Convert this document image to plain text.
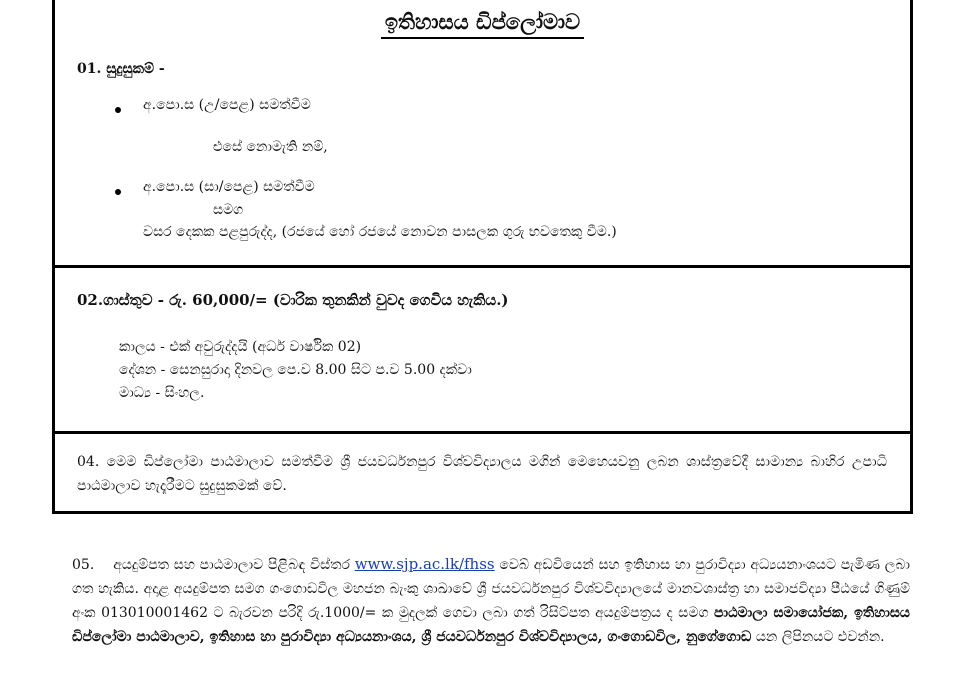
ඉතිහාසය ඩිප්ලෝමාව
01. සුදුසුකම් -
අ.පො.ස (උ/පෙළ) සමත්වීම
එසේ නොමැති නම්,
අ.පො.ස (සා/පෙළ) සමත්වීම
සමග
වසර දෙකක පළපුරුද්ද, (රජයේ හෝ රජයේ නොවන පාසලක ගුරු භවතෙකු වීම.)
02.ගාස්තුව - රු. 60,000/= (වාරික තුනකින් වුවද ගෙවිය හැකිය.)
කාලය - එක් අවුරුද්දයි (අර්ධ වාර්ෂික 02)
දේශන - සෙනසුරාදා දිනවල පෙ.ව 8.00 සිට ප.ව 5.00 දක්වා
මාධ්‍ය - සිංහල.
04. මෙම ඩිප්ලෝමා පාඨමාලාව සමත්වීම ශ්‍රී ජයවර්ධනපුර විශ්වවිද්‍යාලය මගින් මෙහෙයවනු ලබන ශාස්ත්‍රවේදී සාමාන්‍ය බාහිර උපාධි පාඨමාලාව හැදෑරීමට සුදුසුකමක් වේ.
05. අයදුම්පත සහ පාඨමාලාව පිළිබඳ විස්තර www.sjp.ac.lk/fhss වෙබ් අඩවියෙන් සහ ඉතිහාස හා පුරාවිද්‍යා අධ්‍යයනාංශයට පැමිණ ලබා ගත හැකිය. අදාළ අයදුම්පත සමග ගංගොඩවිල මහජන බැංකු ශාඛාවේ ශ්‍රී ජයවර්ධනපුර විශ්වවිද්‍යාලයේ මානවශාස්ත්‍ර හා සමාජවිද්‍යා පීඨයේ ගිණුම් අංක 013010001462 ට බැරවන පරිදි රු.1000/= ක මුදලක් ගෙවා ලබා ගත් රිසිට්පත අයදුම්පත්‍රය ද සමග පාඨමාලා සමායෝජක, ඉතිහාසය ඩිප්ලෝමා පාඨමාලාව, ඉතිහාස හා පුරාවිද්‍යා අධ්‍යයනාංශය, ශ්‍රී ජයවර්ධනපුර විශ්වවිද්‍යාලය, ගංගොඩවිල, නුගේගොඩ යන ලිපිනයට එවන්න.
